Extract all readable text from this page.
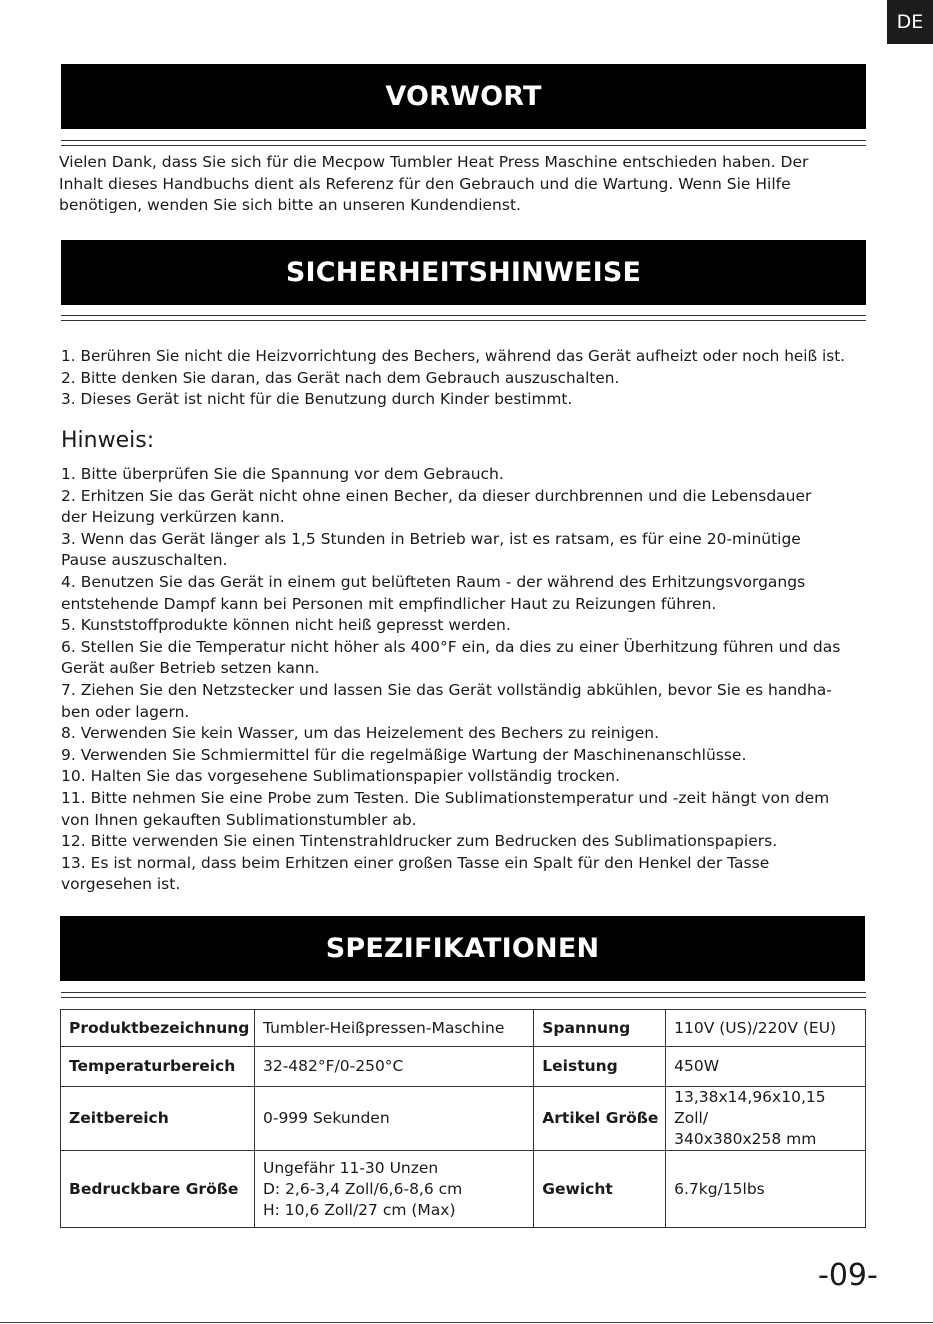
DE
VORWORT
Vielen Dank, dass Sie sich für die Mecpow Tumbler Heat Press Maschine entschieden haben. Der
Inhalt dieses Handbuchs dient als Referenz für den Gebrauch und die Wartung. Wenn Sie Hilfe
benötigen, wenden Sie sich bitte an unseren Kundendienst.
SICHERHEITSHINWEISE
1. Berühren Sie nicht die Heizvorrichtung des Bechers, während das Gerät aufheizt oder noch heiß ist.
2. Bitte denken Sie daran, das Gerät nach dem Gebrauch auszuschalten.
3. Dieses Gerät ist nicht für die Benutzung durch Kinder bestimmt.
Hinweis:
1. Bitte überprüfen Sie die Spannung vor dem Gebrauch.
2. Erhitzen Sie das Gerät nicht ohne einen Becher, da dieser durchbrennen und die Lebensdauer
der Heizung verkürzen kann.
3. Wenn das Gerät länger als 1,5 Stunden in Betrieb war, ist es ratsam, es für eine 20-minütige
Pause auszuschalten.
4. Benutzen Sie das Gerät in einem gut belüfteten Raum - der während des Erhitzungsvorgangs
entstehende Dampf kann bei Personen mit empfindlicher Haut zu Reizungen führen.
5. Kunststoffprodukte können nicht heiß gepresst werden.
6. Stellen Sie die Temperatur nicht höher als 400°F ein, da dies zu einer Überhitzung führen und das
Gerät außer Betrieb setzen kann.
7. Ziehen Sie den Netzstecker und lassen Sie das Gerät vollständig abkühlen, bevor Sie es handha-
ben oder lagern.
8. Verwenden Sie kein Wasser, um das Heizelement des Bechers zu reinigen.
9. Verwenden Sie Schmiermittel für die regelmäßige Wartung der Maschinenanschlüsse.
10. Halten Sie das vorgesehene Sublimationspapier vollständig trocken.
11. Bitte nehmen Sie eine Probe zum Testen. Die Sublimationstemperatur und -zeit hängt von dem
von Ihnen gekauften Sublimationstumbler ab.
12. Bitte verwenden Sie einen Tintenstrahldrucker zum Bedrucken des Sublimationspapiers.
13. Es ist normal, dass beim Erhitzen einer großen Tasse ein Spalt für den Henkel der Tasse
vorgesehen ist.
SPEZIFIKATIONEN
Produktbezeichnung	Tumbler-Heißpressen-Maschine	Spannung	110V (US)/220V (EU)
Temperaturbereich	32-482°F/0-250°C	Leistung	450W
Zeitbereich	0-999 Sekunden	Artikel Größe	13,38x14,96x10,15 Zoll/
340x380x258 mm
Bedruckbare Größe	Ungefähr 11-30 Unzen
D: 2,6-3,4 Zoll/6,6-8,6 cm
H: 10,6 Zoll/27 cm (Max)	Gewicht	6.7kg/15lbs
-09-
